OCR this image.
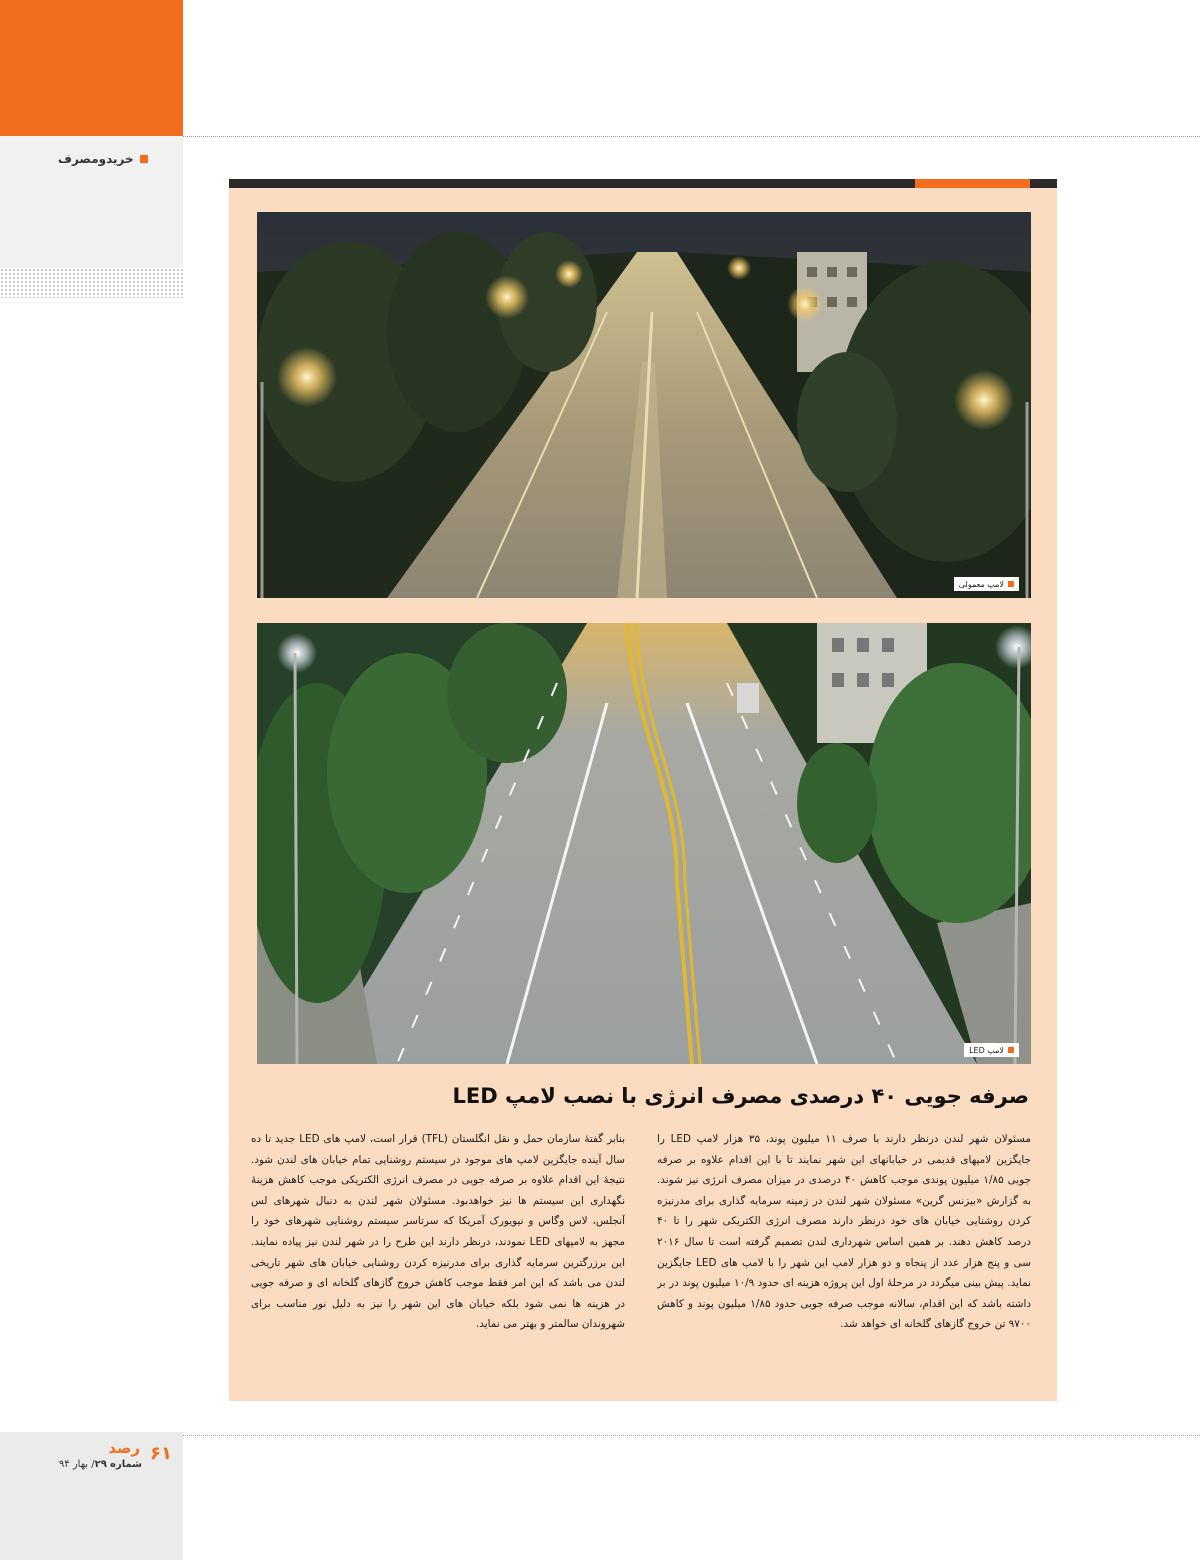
خریدومصرف
۶۱
رصد
شماره ۲۹/ بهار ۹۴
لامپ معمولی
لامپ LED
صرفه جویی ۴۰ درصدی مصرف انرژی با نصب لامپ LED
مسئولان شهر لندن درنظر دارند با صرف ۱۱ میلیون پوند، ۳۵ هزار لامپ LED را جایگزین لامپهای قدیمی در خیابانهای این شهر نمایند تا با این اقدام علاوه بر صرفه جویی ۱/۸۵ میلیون پوندی موجب کاهش ۴۰ درصدی در میزان مصرف انرژی نیز شوند. به گزارش «بیزنس گرین» مسئولان شهر لندن در زمینه سرمایه گذاری برای مدرنیزه کردن روشنایی خیابان های خود درنظر دارند مصرف انرژی الکتریکی شهر را تا ۴۰ درصد کاهش دهند. بر همین اساس شهرداری لندن تصمیم گرفته است تا سال ۲۰۱۶ سی و پنج هزار عدد از پنجاه و دو هزار لامپ این شهر را با لامپ های LED جایگزین نماید. پیش بینی میگردد در مرحلهٔ اول این پروژه هزینه ای حدود ۱۰/۹ میلیون پوند در بر داشته باشد که این اقدام، سالانه موجب صرفه جویی حدود ۱/۸۵ میلیون پوند و کاهش ۹۷۰۰ تن خروج گازهای گلخانه ای خواهد شد.
بنابر گفتهٔ سازمان حمل و نقل انگلستان (TFL) قرار است، لامپ های LED جدید تا ده سال آینده جایگزین لامپ های موجود در سیستم روشنایی تمام خیابان های لندن شود. نتیجهٔ این اقدام علاوه بر صرفه جویی در مصرف انرژی الکتریکی موجب کاهش هزینهٔ نگهداری این سیستم ها نیز خواهدبود. مسئولان شهر لندن به دنبال شهرهای لس آنجلس، لاس وگاس و نیویورک آمریکا که سرتاسر سیستم روشنایی شهرهای خود را مجهز به لامپهای LED نمودند، درنظر دارند این طرح را در شهر لندن نیز پیاده نمایند. این برزرگترین سرمایه گذاری برای مدرنیزه کردن روشنایی خیابان های شهر تاریخی لندن می باشد که این امر فقط موجب کاهش خروج گازهای گلخانه ای و صرفه جویی در هزینه ها نمی شود بلکه خیابان های این شهر را نیز به دلیل نور مناسب برای شهروندان سالمتر و بهتر می نماید.
